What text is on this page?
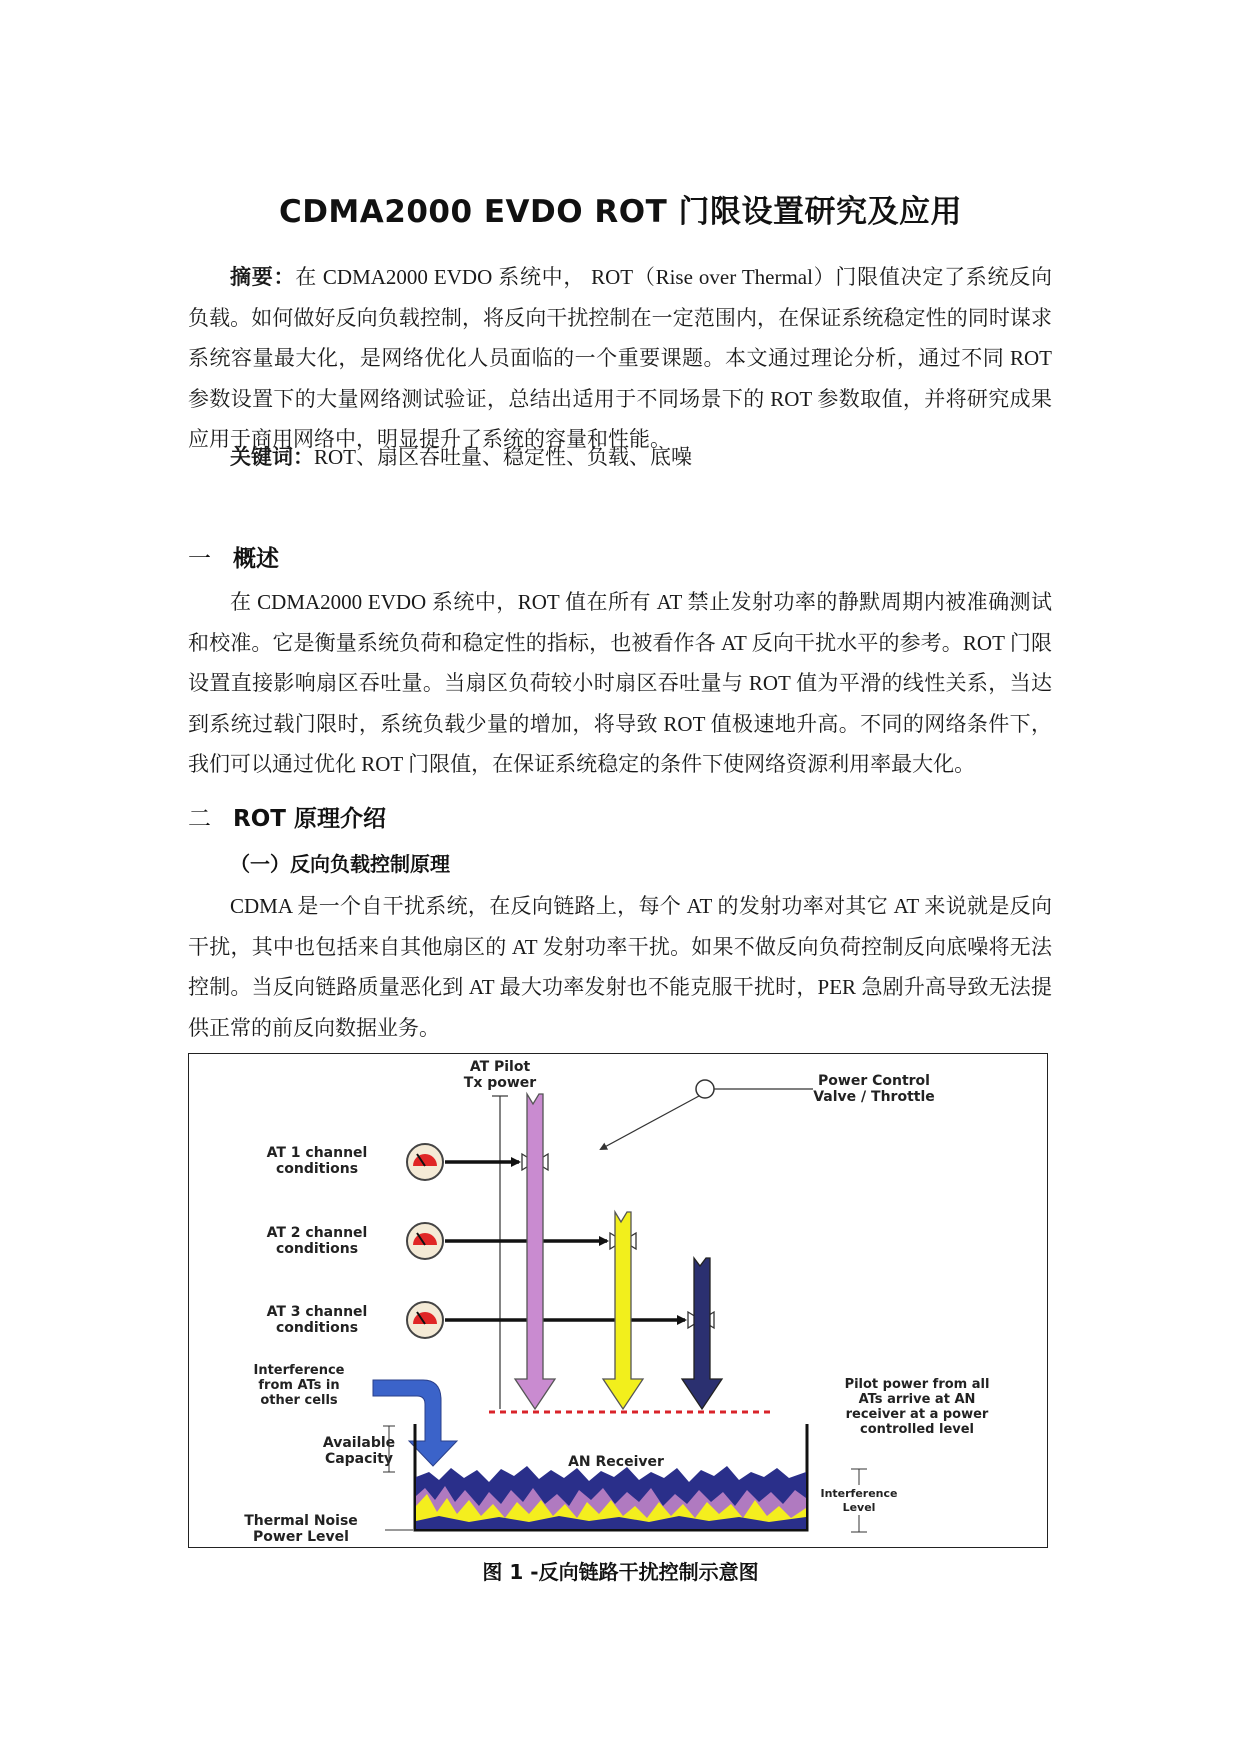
CDMA2000 EVDO ROT 门限设置研究及应用

摘要：在 CDMA2000 EVDO 系统中， ROT（Rise over Thermal）门限值决定了系统反向负载。如何做好反向负载控制，将反向干扰控制在一定范围内，在保证系统稳定性的同时谋求系统容量最大化，是网络优化人员面临的一个重要课题。本文通过理论分析，通过不同 ROT 参数设置下的大量网络测试验证，总结出适用于不同场景下的 ROT 参数取值，并将研究成果应用于商用网络中，明显提升了系统的容量和性能。

关键词：ROT、扇区吞吐量、稳定性、负载、底噪

一 概述

在 CDMA2000 EVDO 系统中，ROT 值在所有 AT 禁止发射功率的静默周期内被准确测试和校准。它是衡量系统负荷和稳定性的指标，也被看作各 AT 反向干扰水平的参考。ROT 门限设置直接影响扇区吞吐量。当扇区负荷较小时扇区吞吐量与 ROT 值为平滑的线性关系，当达到系统过载门限时，系统负载少量的增加，将导致 ROT 值极速地升高。不同的网络条件下，我们可以通过优化 ROT 门限值，在保证系统稳定的条件下使网络资源利用率最大化。

二 ROT 原理介绍
（一）反向负载控制原理

CDMA 是一个自干扰系统，在反向链路上，每个 AT 的发射功率对其它 AT 来说就是反向干扰，其中也包括来自其他扇区的 AT 发射功率干扰。如果不做反向负荷控制反向底噪将无法控制。当反向链路质量恶化到 AT 最大功率发射也不能克服干扰时，PER 急剧升高导致无法提供正常的前反向数据业务。

AT Pilot
Tx power	Power Control
Valve / Throttle
AT 1 channel
conditions
AT 2 channel
conditions
AT 3 channel
conditions
Interference
from ATs in
other cells
Pilot power from all
ATs arrive at AN
receiver at a power
controlled level
AN Receiver
Available
Capacity
Interference
Level
Thermal Noise
Power Level
图 1 -反向链路干扰控制示意图
